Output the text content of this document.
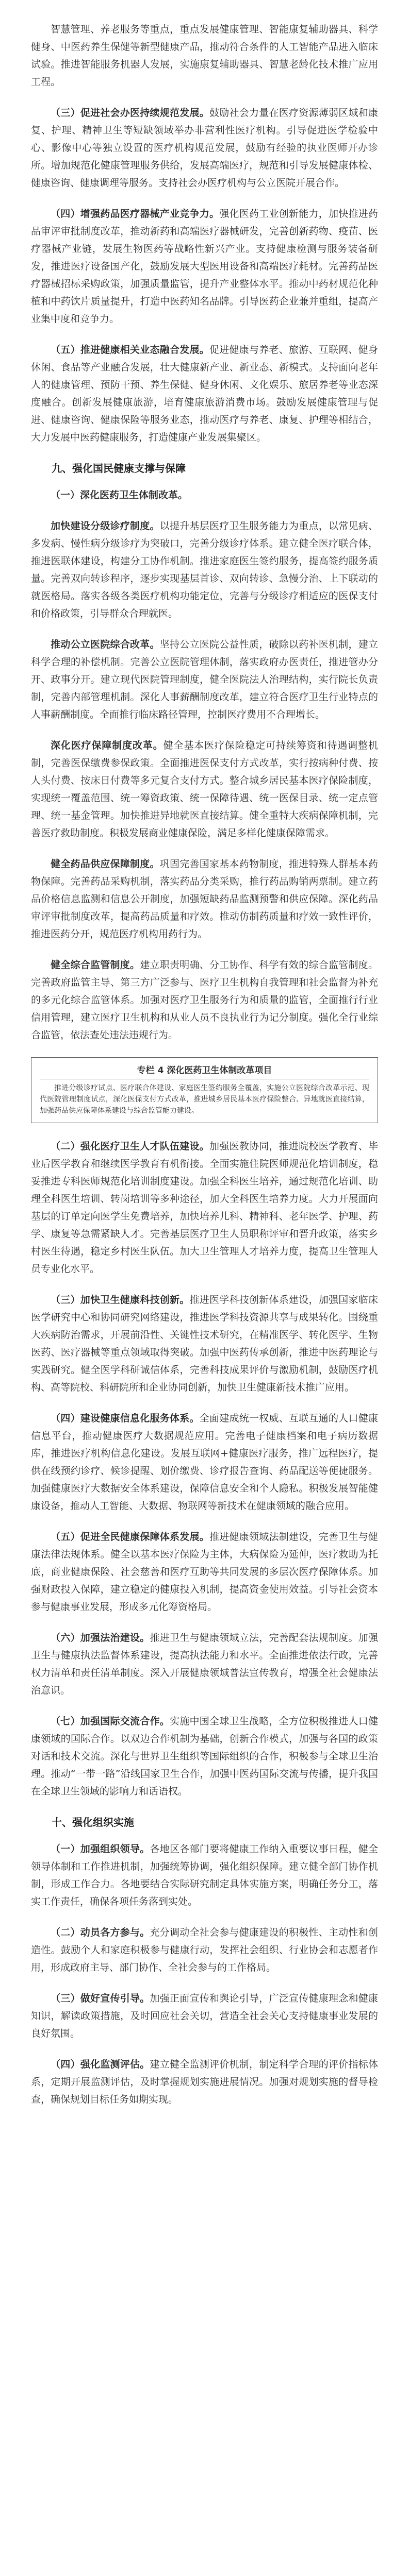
智慧管理、养老服务等重点，重点发展健康管理、智能康复辅助器具、科学健身、中医药养生保健等新型健康产品，推动符合条件的人工智能产品进入临床试验。推进智能服务机器人发展，实施康复辅助器具、智慧老龄化技术推广应用工程。

（三）促进社会办医持续规范发展。鼓励社会力量在医疗资源薄弱区域和康复、护理、精神卫生等短缺领域举办非营利性医疗机构。引导促进医学检验中心、影像中心等独立设置的医疗机构规范发展，鼓励有经验的执业医师开办诊所。增加规范化健康管理服务供给，发展高端医疗，规范和引导发展健康体检、健康咨询、健康调理等服务。支持社会办医疗机构与公立医院开展合作。

（四）增强药品医疗器械产业竞争力。强化医药工业创新能力，加快推进药品审评审批制度改革，推动新药和高端医疗器械研发，完善创新药物、疫苗、医疗器械产业链，发展生物医药等战略性新兴产业。支持健康检测与服务装备研发，推进医疗设备国产化，鼓励发展大型医用设备和高端医疗耗材。完善药品医疗器械招标采购政策，加强质量监管，提升产业整体水平。推动中药材规范化种植和中药饮片质量提升，打造中医药知名品牌。引导医药企业兼并重组，提高产业集中度和竞争力。

（五）推进健康相关业态融合发展。促进健康与养老、旅游、互联网、健身休闲、食品等产业融合发展，壮大健康新产业、新业态、新模式。支持面向老年人的健康管理、预防干预、养生保健、健身休闲、文化娱乐、旅居养老等业态深度融合。创新发展健康旅游，培育健康旅游消费市场。鼓励发展健康管理与促进、健康咨询、健康保险等服务业态，推动医疗与养老、康复、护理等相结合，大力发展中医药健康服务，打造健康产业发展集聚区。

九、强化国民健康支撑与保障

（一）深化医药卫生体制改革。

加快建设分级诊疗制度。以提升基层医疗卫生服务能力为重点，以常见病、多发病、慢性病分级诊疗为突破口，完善分级诊疗体系。建立健全医疗联合体，推进医联体建设，构建分工协作机制。推进家庭医生签约服务，提高签约服务质量。完善双向转诊程序，逐步实现基层首诊、双向转诊、急慢分治、上下联动的就医格局。落实各级各类医疗机构功能定位，完善与分级诊疗相适应的医保支付和价格政策，引导群众合理就医。

推动公立医院综合改革。坚持公立医院公益性质，破除以药补医机制，建立科学合理的补偿机制。完善公立医院管理体制，落实政府办医责任，推进管办分开、政事分开。建立现代医院管理制度，健全医院法人治理结构，实行院长负责制，完善内部管理机制。深化人事薪酬制度改革，建立符合医疗卫生行业特点的人事薪酬制度。全面推行临床路径管理，控制医疗费用不合理增长。

深化医疗保障制度改革。健全基本医疗保险稳定可持续筹资和待遇调整机制，完善医保缴费参保政策。全面推进医保支付方式改革，实行按病种付费、按人头付费、按床日付费等多元复合支付方式。整合城乡居民基本医疗保险制度，实现统一覆盖范围、统一筹资政策、统一保障待遇、统一医保目录、统一定点管理、统一基金管理。加快推进异地就医直接结算。健全重特大疾病保障机制，完善医疗救助制度。积极发展商业健康保险，满足多样化健康保障需求。

健全药品供应保障制度。巩固完善国家基本药物制度，推进特殊人群基本药物保障。完善药品采购机制，落实药品分类采购，推行药品购销两票制。建立药品价格信息监测和信息公开制度，加强短缺药品监测预警和供应保障。深化药品审评审批制度改革，提高药品质量和疗效。推动仿制药质量和疗效一致性评价，推进医药分开，规范医疗机构用药行为。

健全综合监管制度。建立职责明确、分工协作、科学有效的综合监管制度。完善政府监管主导、第三方广泛参与、医疗卫生机构自我管理和社会监督为补充的多元化综合监管体系。加强对医疗卫生服务行为和质量的监管，全面推行行业信用管理，建立医疗卫生机构和从业人员不良执业行为记分制度。强化全行业综合监管，依法查处违法违规行为。

专栏 4 深化医药卫生体制改革项目
推进分级诊疗试点、医疗联合体建设、家庭医生签约服务全覆盖，实施公立医院综合改革示范、现代医院管理制度试点，深化医保支付方式改革，推进城乡居民基本医疗保险整合、异地就医直接结算，加强药品供应保障体系建设与综合监管能力建设。

（二）强化医疗卫生人才队伍建设。加强医教协同，推进院校医学教育、毕业后医学教育和继续医学教育有机衔接。全面实施住院医师规范化培训制度，稳妥推进专科医师规范化培训制度建设。加强全科医生培养，通过规范化培训、助理全科医生培训、转岗培训等多种途径，加大全科医生培养力度。大力开展面向基层的订单定向医学生免费培养，加快培养儿科、精神科、老年医学、护理、药学、康复等急需紧缺人才。完善基层医疗卫生人员职称评审和晋升政策，落实乡村医生待遇，稳定乡村医生队伍。加大卫生管理人才培养力度，提高卫生管理人员专业化水平。

（三）加快卫生健康科技创新。推进医学科技创新体系建设，加强国家临床医学研究中心和协同研究网络建设，推进医学科技资源共享与成果转化。围绕重大疾病防治需求，开展前沿性、关键性技术研究，在精准医学、转化医学、生物医药、医疗器械等重点领域取得突破。加强中医药传承创新，推进中医药理论与实践研究。健全医学科研诚信体系，完善科技成果评价与激励机制，鼓励医疗机构、高等院校、科研院所和企业协同创新，加快卫生健康新技术推广应用。

（四）建设健康信息化服务体系。全面建成统一权威、互联互通的人口健康信息平台，推动健康医疗大数据规范应用。完善电子健康档案和电子病历数据库，推进医疗机构信息化建设。发展互联网+健康医疗服务，推广远程医疗，提供在线预约诊疗、候诊提醒、划价缴费、诊疗报告查询、药品配送等便捷服务。加强健康医疗大数据安全体系建设，保障信息安全和个人隐私。积极发展智能健康设备，推动人工智能、大数据、物联网等新技术在健康领域的融合应用。

（五）促进全民健康保障体系发展。推进健康领域法制建设，完善卫生与健康法律法规体系。健全以基本医疗保险为主体，大病保险为延伸，医疗救助为托底，商业健康保险、社会慈善和医疗互助等共同发展的多层次医疗保障体系。加强财政投入保障，建立稳定的健康投入机制，提高资金使用效益。引导社会资本参与健康事业发展，形成多元化筹资格局。

（六）加强法治建设。推进卫生与健康领域立法，完善配套法规制度。加强卫生与健康执法监督体系建设，提高执法能力和水平。全面推进依法行政，完善权力清单和责任清单制度。深入开展健康领域普法宣传教育，增强全社会健康法治意识。

（七）加强国际交流合作。实施中国全球卫生战略，全方位积极推进人口健康领域的国际合作。以双边合作机制为基础，创新合作模式，加强与各国的政策对话和技术交流。深化与世界卫生组织等国际组织的合作，积极参与全球卫生治理。推动“一带一路”沿线国家卫生合作，加强中医药国际交流与传播，提升我国在全球卫生领域的影响力和话语权。

十、强化组织实施

（一）加强组织领导。各地区各部门要将健康工作纳入重要议事日程，健全领导体制和工作推进机制，加强统筹协调，强化组织保障。建立健全部门协作机制，形成工作合力。各地要结合实际研究制定具体实施方案，明确任务分工，落实工作责任，确保各项任务落到实处。

（二）动员各方参与。充分调动全社会参与健康建设的积极性、主动性和创造性。鼓励个人和家庭积极参与健康行动，发挥社会组织、行业协会和志愿者作用，形成政府主导、部门协作、全社会参与的工作格局。

（三）做好宣传引导。加强正面宣传和舆论引导，广泛宣传健康理念和健康知识，解读政策措施，及时回应社会关切，营造全社会关心支持健康事业发展的良好氛围。

（四）强化监测评估。建立健全监测评价机制，制定科学合理的评价指标体系，定期开展监测评估，及时掌握规划实施进展情况。加强对规划实施的督导检查，确保规划目标任务如期实现。
